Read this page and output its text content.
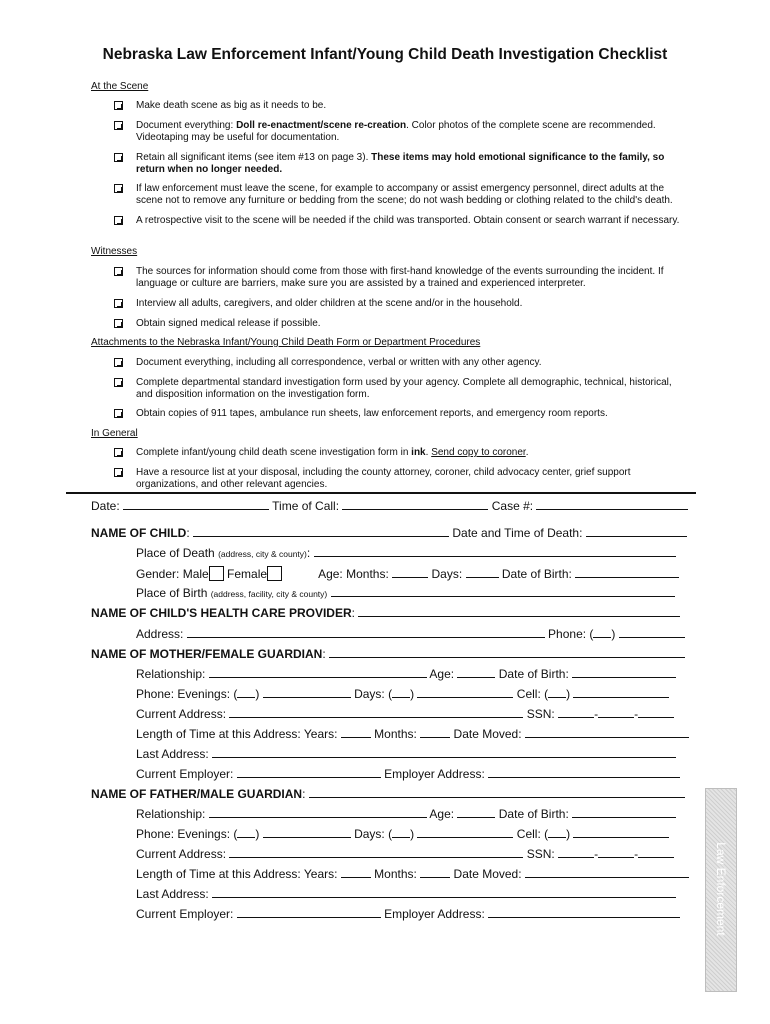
Nebraska Law Enforcement Infant/Young Child Death Investigation Checklist
At the Scene
Make death scene as big as it needs to be.
Document everything: Doll re-enactment/scene re-creation. Color photos of the complete scene are recommended. Videotaping may be useful for documentation.
Retain all significant items (see item #13 on page 3). These items may hold emotional significance to the family, so return when no longer needed.
If law enforcement must leave the scene, for example to accompany or assist emergency personnel, direct adults at the scene not to remove any furniture or bedding from the scene; do not wash bedding or clothing related to the child's death.
A retrospective visit to the scene will be needed if the child was transported. Obtain consent or search warrant if necessary.
Witnesses
The sources for information should come from those with first-hand knowledge of the events surrounding the incident. If language or culture are barriers, make sure you are assisted by a trained and experienced interpreter.
Interview all adults, caregivers, and older children at the scene and/or in the household.
Obtain signed medical release if possible.
Attachments to the Nebraska Infant/Young Child Death Form or Department Procedures
Document everything, including all correspondence, verbal or written with any other agency.
Complete departmental standard investigation form used by your agency. Complete all demographic, technical, historical, and disposition information on the investigation form.
Obtain copies of 911 tapes, ambulance run sheets, law enforcement reports, and emergency room reports.
In General
Complete infant/young child death scene investigation form in ink. Send copy to coroner.
Have a resource list at your disposal, including the county attorney, coroner, child advocacy center, grief support organizations, and other relevant agencies.
Date:	Time of Call:	Case #:
NAME OF CHILD:	Date and Time of Death:
Place of Death (address, city & county):
Gender: Male Female	Age: Months:	Days:	Date of Birth:
Place of Birth (address, facility, city & county)
NAME OF CHILD'S HEALTH CARE PROVIDER:
Address:	Phone: ( )
NAME OF MOTHER/FEMALE GUARDIAN:
Relationship:	Age:	Date of Birth:
Phone: Evenings: ( )	Days: ( )	Cell: ( )
Current Address:	SSN:	-	-
Length of Time at this Address: Years:	Months:	Date Moved:
Last Address:
Current Employer:	Employer Address:
NAME OF FATHER/MALE GUARDIAN:
Relationship:	Age:	Date of Birth:
Phone: Evenings: ( )	Days: ( )	Cell: ( )
Current Address:	SSN:	-	-
Length of Time at this Address: Years:	Months:	Date Moved:
Last Address:
Current Employer:	Employer Address:	Law Enforcement
